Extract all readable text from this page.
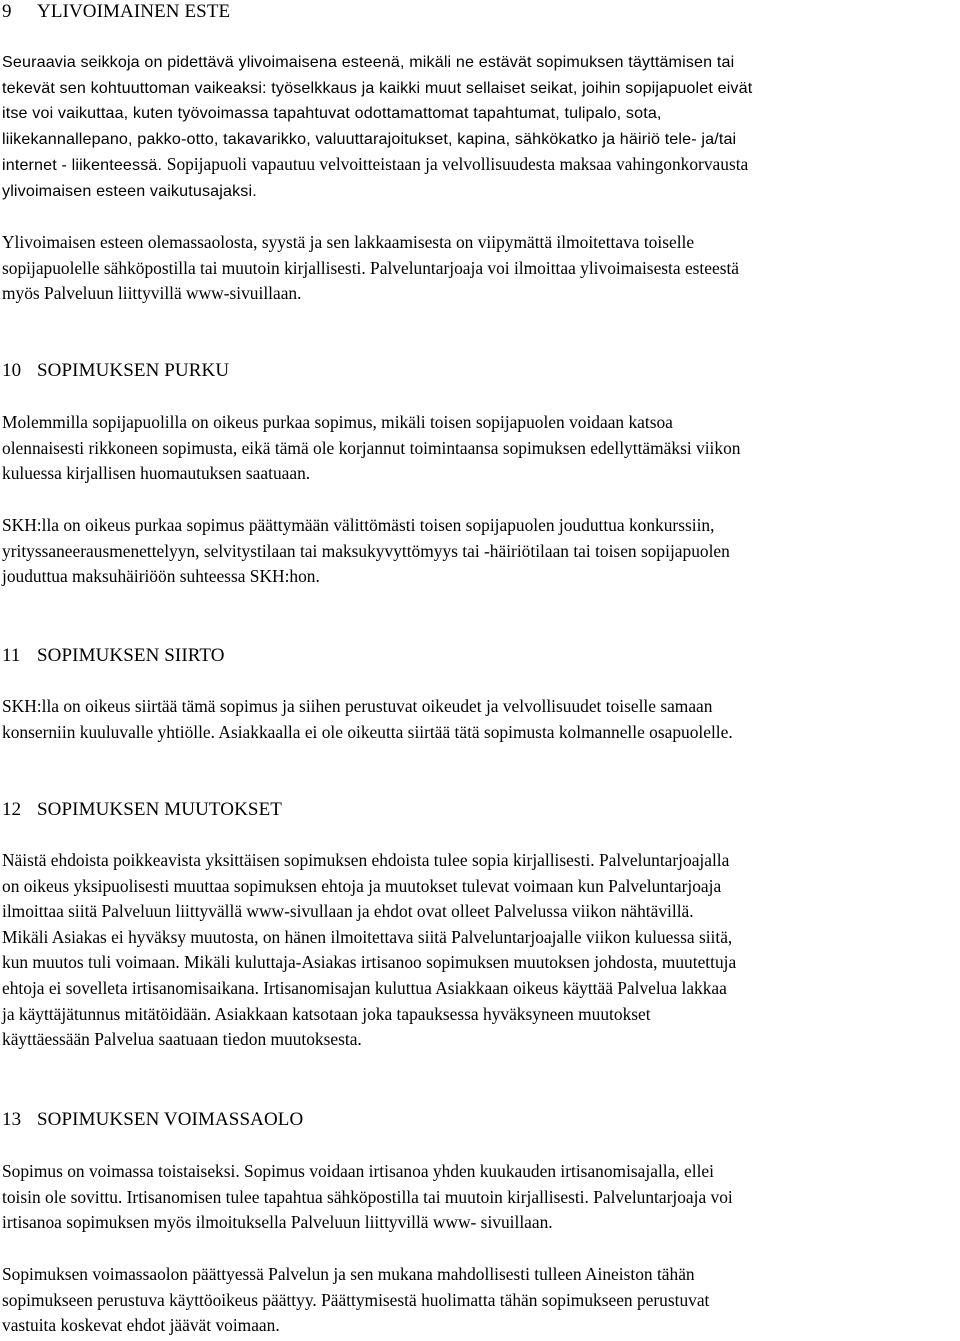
9 YLIVOIMAINEN ESTE
Seuraavia seikkoja on pidettävä ylivoimaisena esteenä, mikäli ne estävät sopimuksen täyttämisen tai
tekevät sen kohtuuttoman vaikeaksi: työselkkaus ja kaikki muut sellaiset seikat, joihin sopijapuolet eivät
itse voi vaikuttaa, kuten työvoimassa tapahtuvat odottamattomat tapahtumat, tulipalo, sota,
liikekannallepano, pakko-otto, takavarikko, valuuttarajoitukset, kapina, sähkökatko ja häiriö tele- ja/tai
internet - liikenteessä. Sopijapuoli vapautuu velvoitteistaan ja velvollisuudesta maksaa vahingonkorvausta
ylivoimaisen esteen vaikutusajaksi.
Ylivoimaisen esteen olemassaolosta, syystä ja sen lakkaamisesta on viipymättä ilmoitettava toiselle
sopijapuolelle sähköpostilla tai muutoin kirjallisesti. Palveluntarjoaja voi ilmoittaa ylivoimaisesta esteestä
myös Palveluun liittyvillä www-sivuillaan.
10 SOPIMUKSEN PURKU
Molemmilla sopijapuolilla on oikeus purkaa sopimus, mikäli toisen sopijapuolen voidaan katsoa
olennaisesti rikkoneen sopimusta, eikä tämä ole korjannut toimintaansa sopimuksen edellyttämäksi viikon
kuluessa kirjallisen huomautuksen saatuaan.
SKH:lla on oikeus purkaa sopimus päättymään välittömästi toisen sopijapuolen jouduttua konkurssiin,
yrityssaneerausmenettelyyn, selvitystilaan tai maksukyvyttömyys tai -häiriötilaan tai toisen sopijapuolen
jouduttua maksuhäiriöön suhteessa SKH:hon.
11 SOPIMUKSEN SIIRTO
SKH:lla on oikeus siirtää tämä sopimus ja siihen perustuvat oikeudet ja velvollisuudet toiselle samaan
konserniin kuuluvalle yhtiölle. Asiakkaalla ei ole oikeutta siirtää tätä sopimusta kolmannelle osapuolelle.
12 SOPIMUKSEN MUUTOKSET
Näistä ehdoista poikkeavista yksittäisen sopimuksen ehdoista tulee sopia kirjallisesti. Palveluntarjoajalla
on oikeus yksipuolisesti muuttaa sopimuksen ehtoja ja muutokset tulevat voimaan kun Palveluntarjoaja
ilmoittaa siitä Palveluun liittyvällä www-sivullaan ja ehdot ovat olleet Palvelussa viikon nähtävillä.
Mikäli Asiakas ei hyväksy muutosta, on hänen ilmoitettava siitä Palveluntarjoajalle viikon kuluessa siitä,
kun muutos tuli voimaan. Mikäli kuluttaja-Asiakas irtisanoo sopimuksen muutoksen johdosta, muutettuja
ehtoja ei sovelleta irtisanomisaikana. Irtisanomisajan kuluttua Asiakkaan oikeus käyttää Palvelua lakkaa
ja käyttäjätunnus mitätöidään. Asiakkaan katsotaan joka tapauksessa hyväksyneen muutokset
käyttäessään Palvelua saatuaan tiedon muutoksesta.
13 SOPIMUKSEN VOIMASSAOLO
Sopimus on voimassa toistaiseksi. Sopimus voidaan irtisanoa yhden kuukauden irtisanomisajalla, ellei
toisin ole sovittu. Irtisanomisen tulee tapahtua sähköpostilla tai muutoin kirjallisesti. Palveluntarjoaja voi
irtisanoa sopimuksen myös ilmoituksella Palveluun liittyvillä www- sivuillaan.
Sopimuksen voimassaolon päättyessä Palvelun ja sen mukana mahdollisesti tulleen Aineiston tähän
sopimukseen perustuva käyttöoikeus päättyy. Päättymisestä huolimatta tähän sopimukseen perustuvat
vastuita koskevat ehdot jäävät voimaan.
